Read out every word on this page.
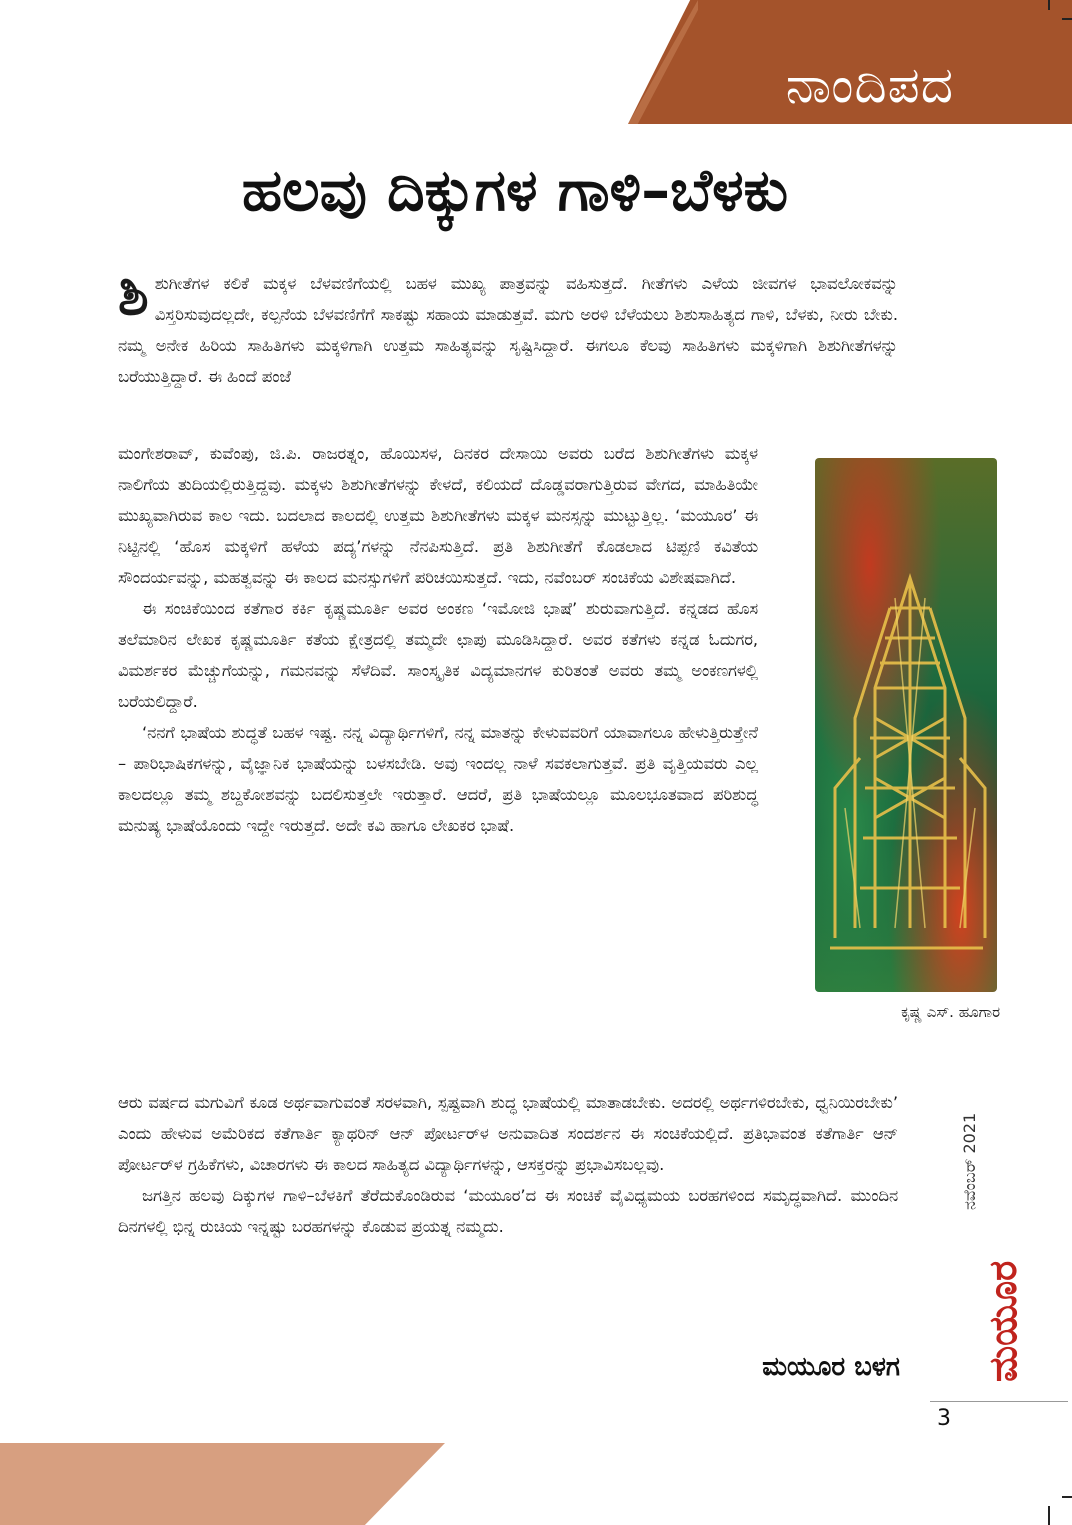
ನಾಂದಿಪದ
ಹಲವು ದಿಕ್ಕುಗಳ ಗಾಳಿ–ಬೆಳಕು

ಶಿಶುಗೀತೆಗಳ ಕಲಿಕೆ ಮಕ್ಕಳ ಬೆಳವಣಿಗೆಯಲ್ಲಿ ಬಹಳ ಮುಖ್ಯ ಪಾತ್ರವನ್ನು ವಹಿಸುತ್ತದೆ. ಗೀತೆಗಳು ಎಳೆಯ ಜೀವಗಳ ಭಾವಲೋಕವನ್ನು ವಿಸ್ತರಿಸುವುದಲ್ಲದೇ, ಕಲ್ಪನೆಯ ಬೆಳವಣಿಗೆಗೆ ಸಾಕಷ್ಟು ಸಹಾಯ ಮಾಡುತ್ತವೆ. ಮಗು ಅರಳಿ ಬೆಳೆಯಲು ಶಿಶುಸಾಹಿತ್ಯದ ಗಾಳಿ, ಬೆಳಕು, ನೀರು ಬೇಕು. ನಮ್ಮ ಅನೇಕ ಹಿರಿಯ ಸಾಹಿತಿಗಳು ಮಕ್ಕಳಿಗಾಗಿ ಉತ್ತಮ ಸಾಹಿತ್ಯವನ್ನು ಸೃಷ್ಟಿಸಿದ್ದಾರೆ. ಈಗಲೂ ಕೆಲವು ಸಾಹಿತಿಗಳು ಮಕ್ಕಳಿಗಾಗಿ ಶಿಶುಗೀತೆಗಳನ್ನು ಬರೆಯುತ್ತಿದ್ದಾರೆ. ಈ ಹಿಂದೆ ಪಂಜೆ

ಮಂಗೇಶರಾವ್, ಕುವೆಂಪು, ಜಿ.ಪಿ. ರಾಜರತ್ನಂ, ಹೊಯಿಸಳ, ದಿನಕರ ದೇಸಾಯಿ ಅವರು ಬರೆದ ಶಿಶುಗೀತೆಗಳು ಮಕ್ಕಳ ನಾಲಿಗೆಯ ತುದಿಯಲ್ಲಿರುತ್ತಿದ್ದವು. ಮಕ್ಕಳು ಶಿಶುಗೀತೆಗಳನ್ನು ಕೇಳದೆ, ಕಲಿಯದೆ ದೊಡ್ಡವರಾಗುತ್ತಿರುವ ವೇಗದ, ಮಾಹಿತಿಯೇ ಮುಖ್ಯವಾಗಿರುವ ಕಾಲ ಇದು. ಬದಲಾದ ಕಾಲದಲ್ಲಿ ಉತ್ತಮ ಶಿಶುಗೀತೆಗಳು ಮಕ್ಕಳ ಮನಸ್ಸನ್ನು ಮುಟ್ಟುತ್ತಿಲ್ಲ. ‘ಮಯೂರ’ ಈ ನಿಟ್ಟಿನಲ್ಲಿ ‘ಹೊಸ ಮಕ್ಕಳಿಗೆ ಹಳೆಯ ಪದ್ಯ’ಗಳನ್ನು ನೆನಪಿಸುತ್ತಿದೆ. ಪ್ರತಿ ಶಿಶುಗೀತೆಗೆ ಕೊಡಲಾದ ಟಿಪ್ಪಣಿ ಕವಿತೆಯ ಸೌಂದರ್ಯವನ್ನು, ಮಹತ್ವವನ್ನು ಈ ಕಾಲದ ಮನಸ್ಸುಗಳಿಗೆ ಪರಿಚಯಿಸುತ್ತದೆ. ಇದು, ನವೆಂಬರ್ ಸಂಚಿಕೆಯ ವಿಶೇಷವಾಗಿದೆ.

ಈ ಸಂಚಿಕೆಯಿಂದ ಕತೆಗಾರ ಕರ್ಕಿ ಕೃಷ್ಣಮೂರ್ತಿ ಅವರ ಅಂಕಣ ‘ಇಮೋಜಿ ಭಾಷೆ’ ಶುರುವಾಗುತ್ತಿದೆ. ಕನ್ನಡದ ಹೊಸ ತಲೆಮಾರಿನ ಲೇಖಕ ಕೃಷ್ಣಮೂರ್ತಿ ಕತೆಯ ಕ್ಷೇತ್ರದಲ್ಲಿ ತಮ್ಮದೇ ಛಾಪು ಮೂಡಿಸಿದ್ದಾರೆ. ಅವರ ಕತೆಗಳು ಕನ್ನಡ ಓದುಗರ, ವಿಮರ್ಶಕರ ಮೆಚ್ಚುಗೆಯನ್ನು, ಗಮನವನ್ನು ಸೆಳೆದಿವೆ. ಸಾಂಸ್ಕೃತಿಕ ವಿದ್ಯಮಾನಗಳ ಕುರಿತಂತೆ ಅವರು ತಮ್ಮ ಅಂಕಣಗಳಲ್ಲಿ ಬರೆಯಲಿದ್ದಾರೆ.

‘ನನಗೆ ಭಾಷೆಯ ಶುದ್ಧತೆ ಬಹಳ ಇಷ್ಟ. ನನ್ನ ವಿದ್ಯಾರ್ಥಿಗಳಿಗೆ, ನನ್ನ ಮಾತನ್ನು ಕೇಳುವವರಿಗೆ ಯಾವಾಗಲೂ ಹೇಳುತ್ತಿರುತ್ತೇನೆ – ಪಾರಿಭಾಷಿಕಗಳನ್ನು, ವೈಜ್ಞಾನಿಕ ಭಾಷೆಯನ್ನು ಬಳಸಬೇಡಿ. ಅವು ಇಂದಲ್ಲ ನಾಳೆ ಸವಕಲಾಗುತ್ತವೆ. ಪ್ರತಿ ವೃತ್ತಿಯವರು ಎಲ್ಲ ಕಾಲದಲ್ಲೂ ತಮ್ಮ ಶಬ್ದಕೋಶವನ್ನು ಬದಲಿಸುತ್ತಲೇ ಇರುತ್ತಾರೆ. ಆದರೆ, ಪ್ರತಿ ಭಾಷೆಯಲ್ಲೂ ಮೂಲಭೂತವಾದ ಪರಿಶುದ್ಧ ಮನುಷ್ಯ ಭಾಷೆಯೊಂದು ಇದ್ದೇ ಇರುತ್ತದೆ. ಅದೇ ಕವಿ ಹಾಗೂ ಲೇಖಕರ ಭಾಷೆ.

ಆರು ವರ್ಷದ ಮಗುವಿಗೆ ಕೂಡ ಅರ್ಥವಾಗುವಂತೆ ಸರಳವಾಗಿ, ಸ್ಪಷ್ಟವಾಗಿ ಶುದ್ಧ ಭಾಷೆಯಲ್ಲಿ ಮಾತಾಡಬೇಕು. ಅದರಲ್ಲಿ ಅರ್ಥಗಳಿರಬೇಕು, ಧ್ವನಿಯಿರಬೇಕು’ ಎಂದು ಹೇಳುವ ಅಮೆರಿಕದ ಕತೆಗಾರ್ತಿ ಕ್ಯಾಥರಿನ್ ಆನ್ ಪೋರ್ಟರ್‌ಳ ಅನುವಾದಿತ ಸಂದರ್ಶನ ಈ ಸಂಚಿಕೆಯಲ್ಲಿದೆ. ಪ್ರತಿಭಾವಂತ ಕತೆಗಾರ್ತಿ ಆನ್ ಪೋರ್ಟರ್‌ಳ ಗ್ರಹಿಕೆಗಳು, ವಿಚಾರಗಳು ಈ ಕಾಲದ ಸಾಹಿತ್ಯದ ವಿದ್ಯಾರ್ಥಿಗಳನ್ನು, ಆಸಕ್ತರನ್ನು ಪ್ರಭಾವಿಸಬಲ್ಲವು.

ಜಗತ್ತಿನ ಹಲವು ದಿಕ್ಕುಗಳ ಗಾಳಿ–ಬೆಳಕಿಗೆ ತೆರೆದುಕೊಂಡಿರುವ ‘ಮಯೂರ’ದ ಈ ಸಂಚಿಕೆ ವೈವಿಧ್ಯಮಯ ಬರಹಗಳಿಂದ ಸಮೃದ್ಧವಾಗಿದೆ. ಮುಂದಿನ ದಿನಗಳಲ್ಲಿ ಭಿನ್ನ ರುಚಿಯ ಇನ್ನಷ್ಟು ಬರಹಗಳನ್ನು ಕೊಡುವ ಪ್ರಯತ್ನ ನಮ್ಮದು.

ಕೃಷ್ಣ ಎಸ್. ಹೂಗಾರ
ನವೆಂಬರ್ 2021
ಮಯೂರ
ಮಯೂರ ಬಳಗ
3
